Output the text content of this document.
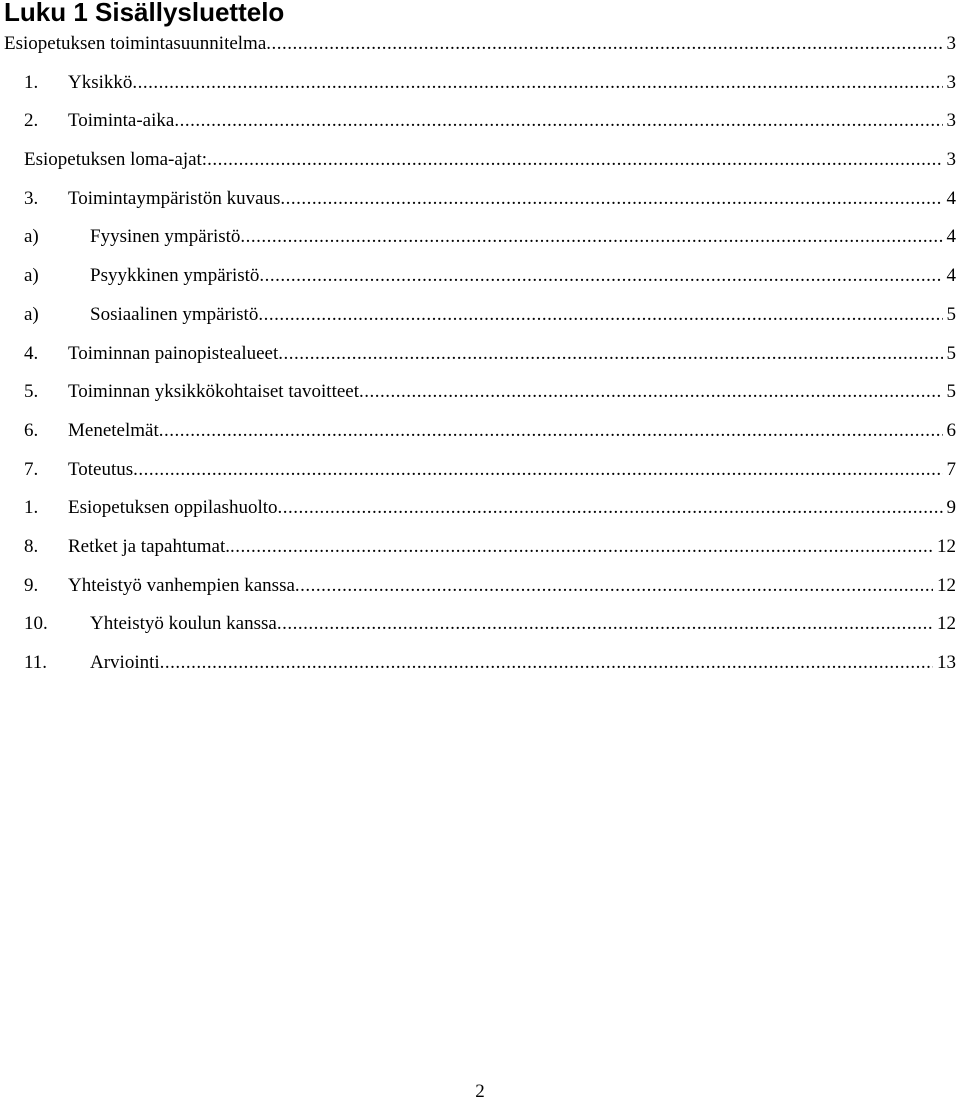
Luku 1 Sisällysluettelo
Esiopetuksen toimintasuunnitelma .....	3
1.	Yksikkö .....	3
2.	Toiminta-aika .....	3
Esiopetuksen loma-ajat: .....	3
3.	Toimintaympäristön kuvaus .....	4
a)	Fyysinen ympäristö .....	4
a)	Psyykkinen ympäristö .....	4
a)	Sosiaalinen ympäristö .....	5
4.	Toiminnan painopistealueet .....	5
5.	Toiminnan yksikkökohtaiset tavoitteet .....	5
6.	Menetelmät .....	6
7.	Toteutus .....	7
1.	Esiopetuksen oppilashuolto .....	9
8.	Retket ja tapahtumat. .....	12
9.	Yhteistyö vanhempien kanssa .....	12
10.	Yhteistyö koulun kanssa .....	12
11.	Arviointi .....	13
2
